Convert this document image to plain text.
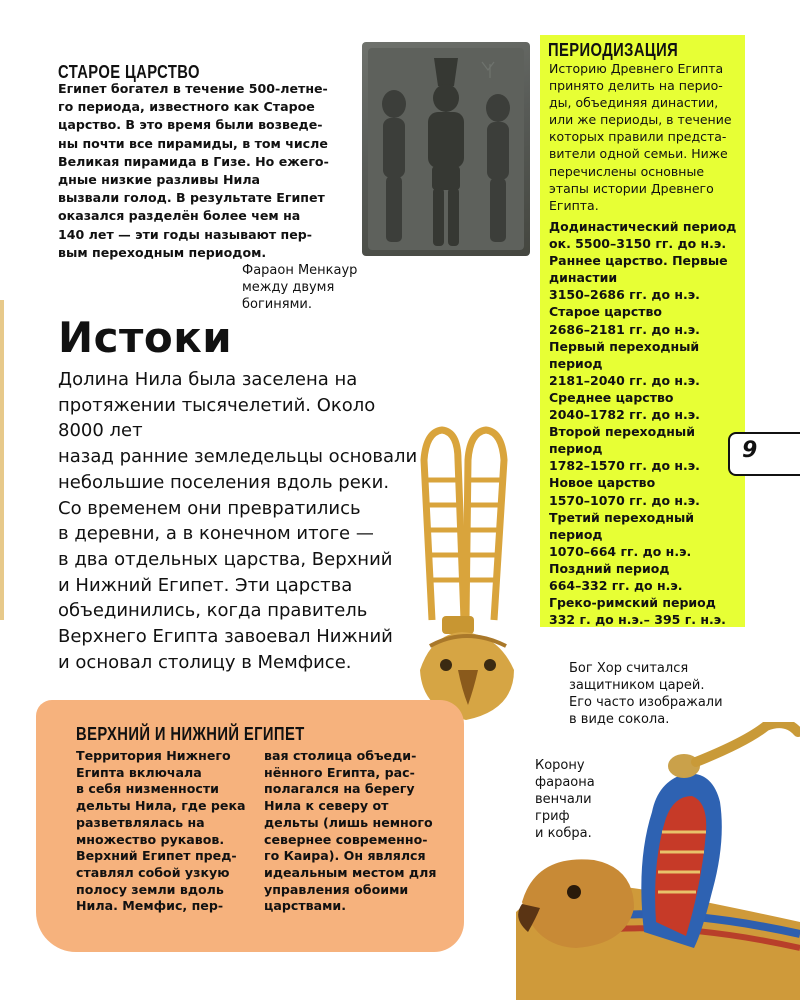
СТАРОЕ ЦАРСТВО
Египет богател в течение 500-летне-
го периода, известного как Старое
царство. В это время были возведе-
ны почти все пирамиды, в том числе
Великая пирамида в Гизе. Но ежего-
дные низкие разливы Нила
вызвали голод. В результате Египет
оказался разделён более чем на
140 лет — эти годы называют пер-
вым переходным периодом.
Фараон Менкаур
между двумя
богинями.
Истоки
Долина Нила была заселена на
протяжении тысячелетий. Около 8000 лет
назад ранние земледельцы основали
небольшие поселения вдоль реки.
Со временем они превратились
в деревни, а в конечном итоге —
в два отдельных царства, Верхний
и Нижний Египет. Эти царства
объединились, когда правитель
Верхнего Египта завоевал Нижний
и основал столицу в Мемфисе.
ПЕРИОДИЗАЦИЯ
Историю Древнего Египта
принято делить на перио-
ды, объединяя династии,
или же периоды, в течение
которых правили предста-
вители одной семьи. Ниже
перечислены основные
этапы истории Древнего
Египта.
Додинастический период
ок. 5500–3150 гг. до н.э.
Раннее царство. Первые
династии
3150–2686 гг. до н.э.
Старое царство
2686–2181 гг. до н.э.
Первый переходный
период
2181–2040 гг. до н.э.
Среднее царство
2040–1782 гг. до н.э.
Второй переходный
период
1782–1570 гг. до н.э.
Новое царство
1570–1070 гг. до н.э.
Третий переходный
период
1070–664 гг. до н.э.
Поздний период
664–332 гг. до н.э.
Греко-римский период
332 г. до н.э.– 395 г. н.э.
9
Бог Хор считался
защитником царей.
Его часто изображали
в виде сокола.
Корону
фараона
венчали гриф
и кобра.
ВЕРХНИЙ И НИЖНИЙ ЕГИПЕТ
Территория Нижнего
Египта включала
в себя низменности
дельты Нила, где река
разветвлялась на
множество рукавов.
Верхний Египет пред-
ставлял собой узкую
полосу земли вдоль
Нила. Мемфис, пер-
вая столица объеди-
нённого Египта, рас-
полагался на берегу
Нила к северу от
дельты (лишь немного
севернее современно-
го Каира). Он являлся
идеальным местом для
управления обоими
царствами.
